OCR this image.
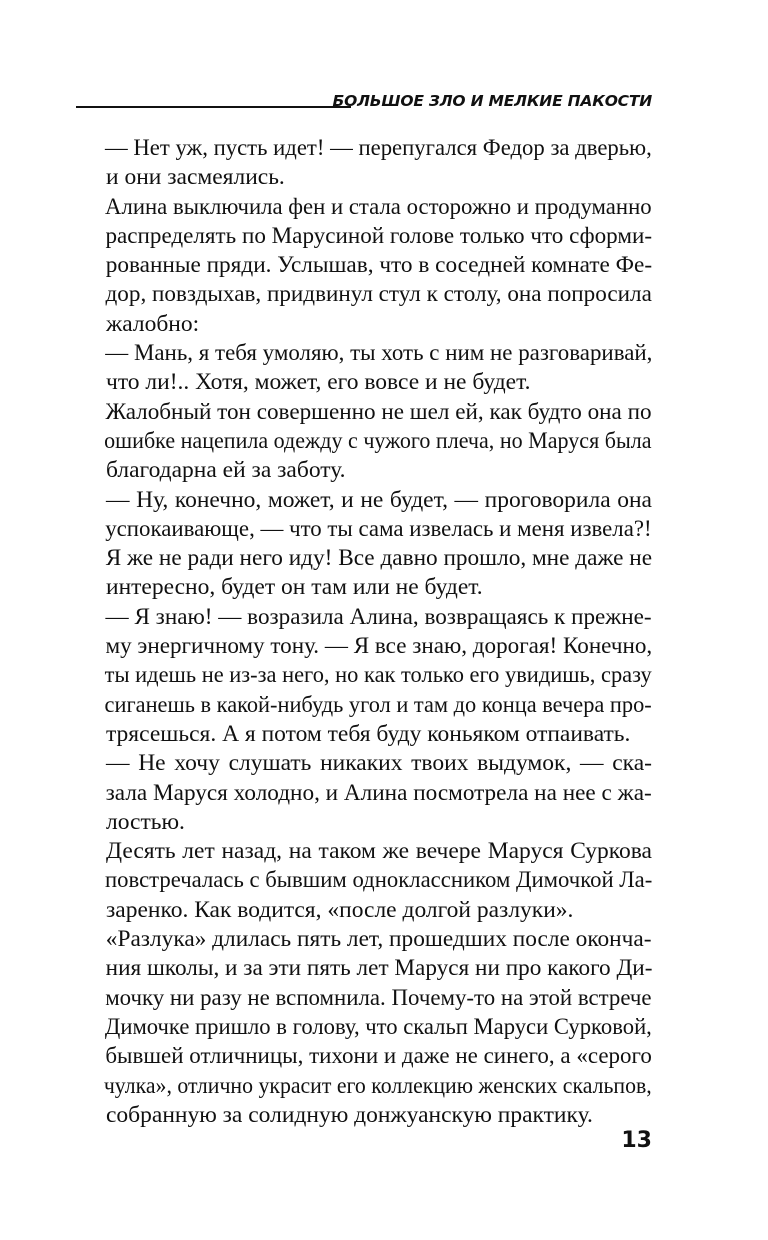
БОЛЬШОЕ ЗЛО И МЕЛКИЕ ПАКОСТИ
— Нет уж, пусть идет! — перепугался Федор за дверью,
и они засмеялись.
Алина выключила фен и стала осторожно и продуманно
распределять по Марусиной голове только что сформи-
рованные пряди. Услышав, что в соседней комнате Фе-
дор, повздыхав, придвинул стул к столу, она попросила
жалобно:
— Мань, я тебя умоляю, ты хоть с ним не разговаривай,
что ли!.. Хотя, может, его вовсе и не будет.
Жалобный тон совершенно не шел ей, как будто она по
ошибке нацепила одежду с чужого плеча, но Маруся была
благодарна ей за заботу.
— Ну, конечно, может, и не будет, — проговорила она
успокаивающе, — что ты сама извелась и меня извела?!
Я же не ради него иду! Все давно прошло, мне даже не
интересно, будет он там или не будет.
— Я знаю! — возразила Алина, возвращаясь к прежне-
му энергичному тону. — Я все знаю, дорогая! Конечно,
ты идешь не из-за него, но как только его увидишь, сразу
сиганешь в какой-нибудь угол и там до конца вечера про-
трясешься. А я потом тебя буду коньяком отпаивать.
— Не хочу слушать никаких твоих выдумок, — ска-
зала Маруся холодно, и Алина посмотрела на нее с жа-
лостью.
Десять лет назад, на таком же вечере Маруся Суркова
повстречалась с бывшим одноклассником Димочкой Ла-
заренко. Как водится, «после долгой разлуки».
«Разлука» длилась пять лет, прошедших после оконча-
ния школы, и за эти пять лет Маруся ни про какого Ди-
мочку ни разу не вспомнила. Почему-то на этой встрече
Димочке пришло в голову, что скальп Маруси Сурковой,
бывшей отличницы, тихони и даже не синего, а «серого
чулка», отлично украсит его коллекцию женских скальпов,
собранную за солидную донжуанскую практику.
13
